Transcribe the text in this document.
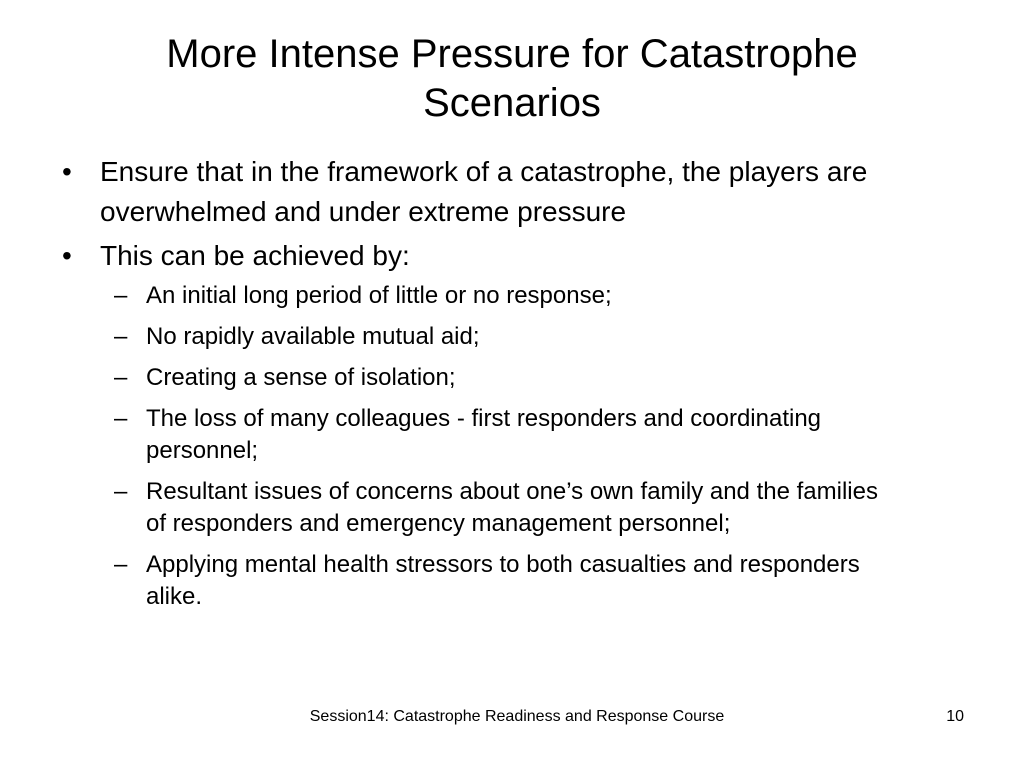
More Intense Pressure for Catastrophe
Scenarios
• Ensure that in the framework of a catastrophe, the players are overwhelmed and under extreme pressure
• This can be achieved by:
– An initial long period of little or no response;
– No rapidly available mutual aid;
– Creating a sense of isolation;
– The loss of many colleagues - first responders and coordinating personnel;
– Resultant issues of concerns about one’s own family and the families of responders and emergency management personnel;
– Applying mental health stressors to both casualties and responders alike.
Session14: Catastrophe Readiness and Response Course	10
